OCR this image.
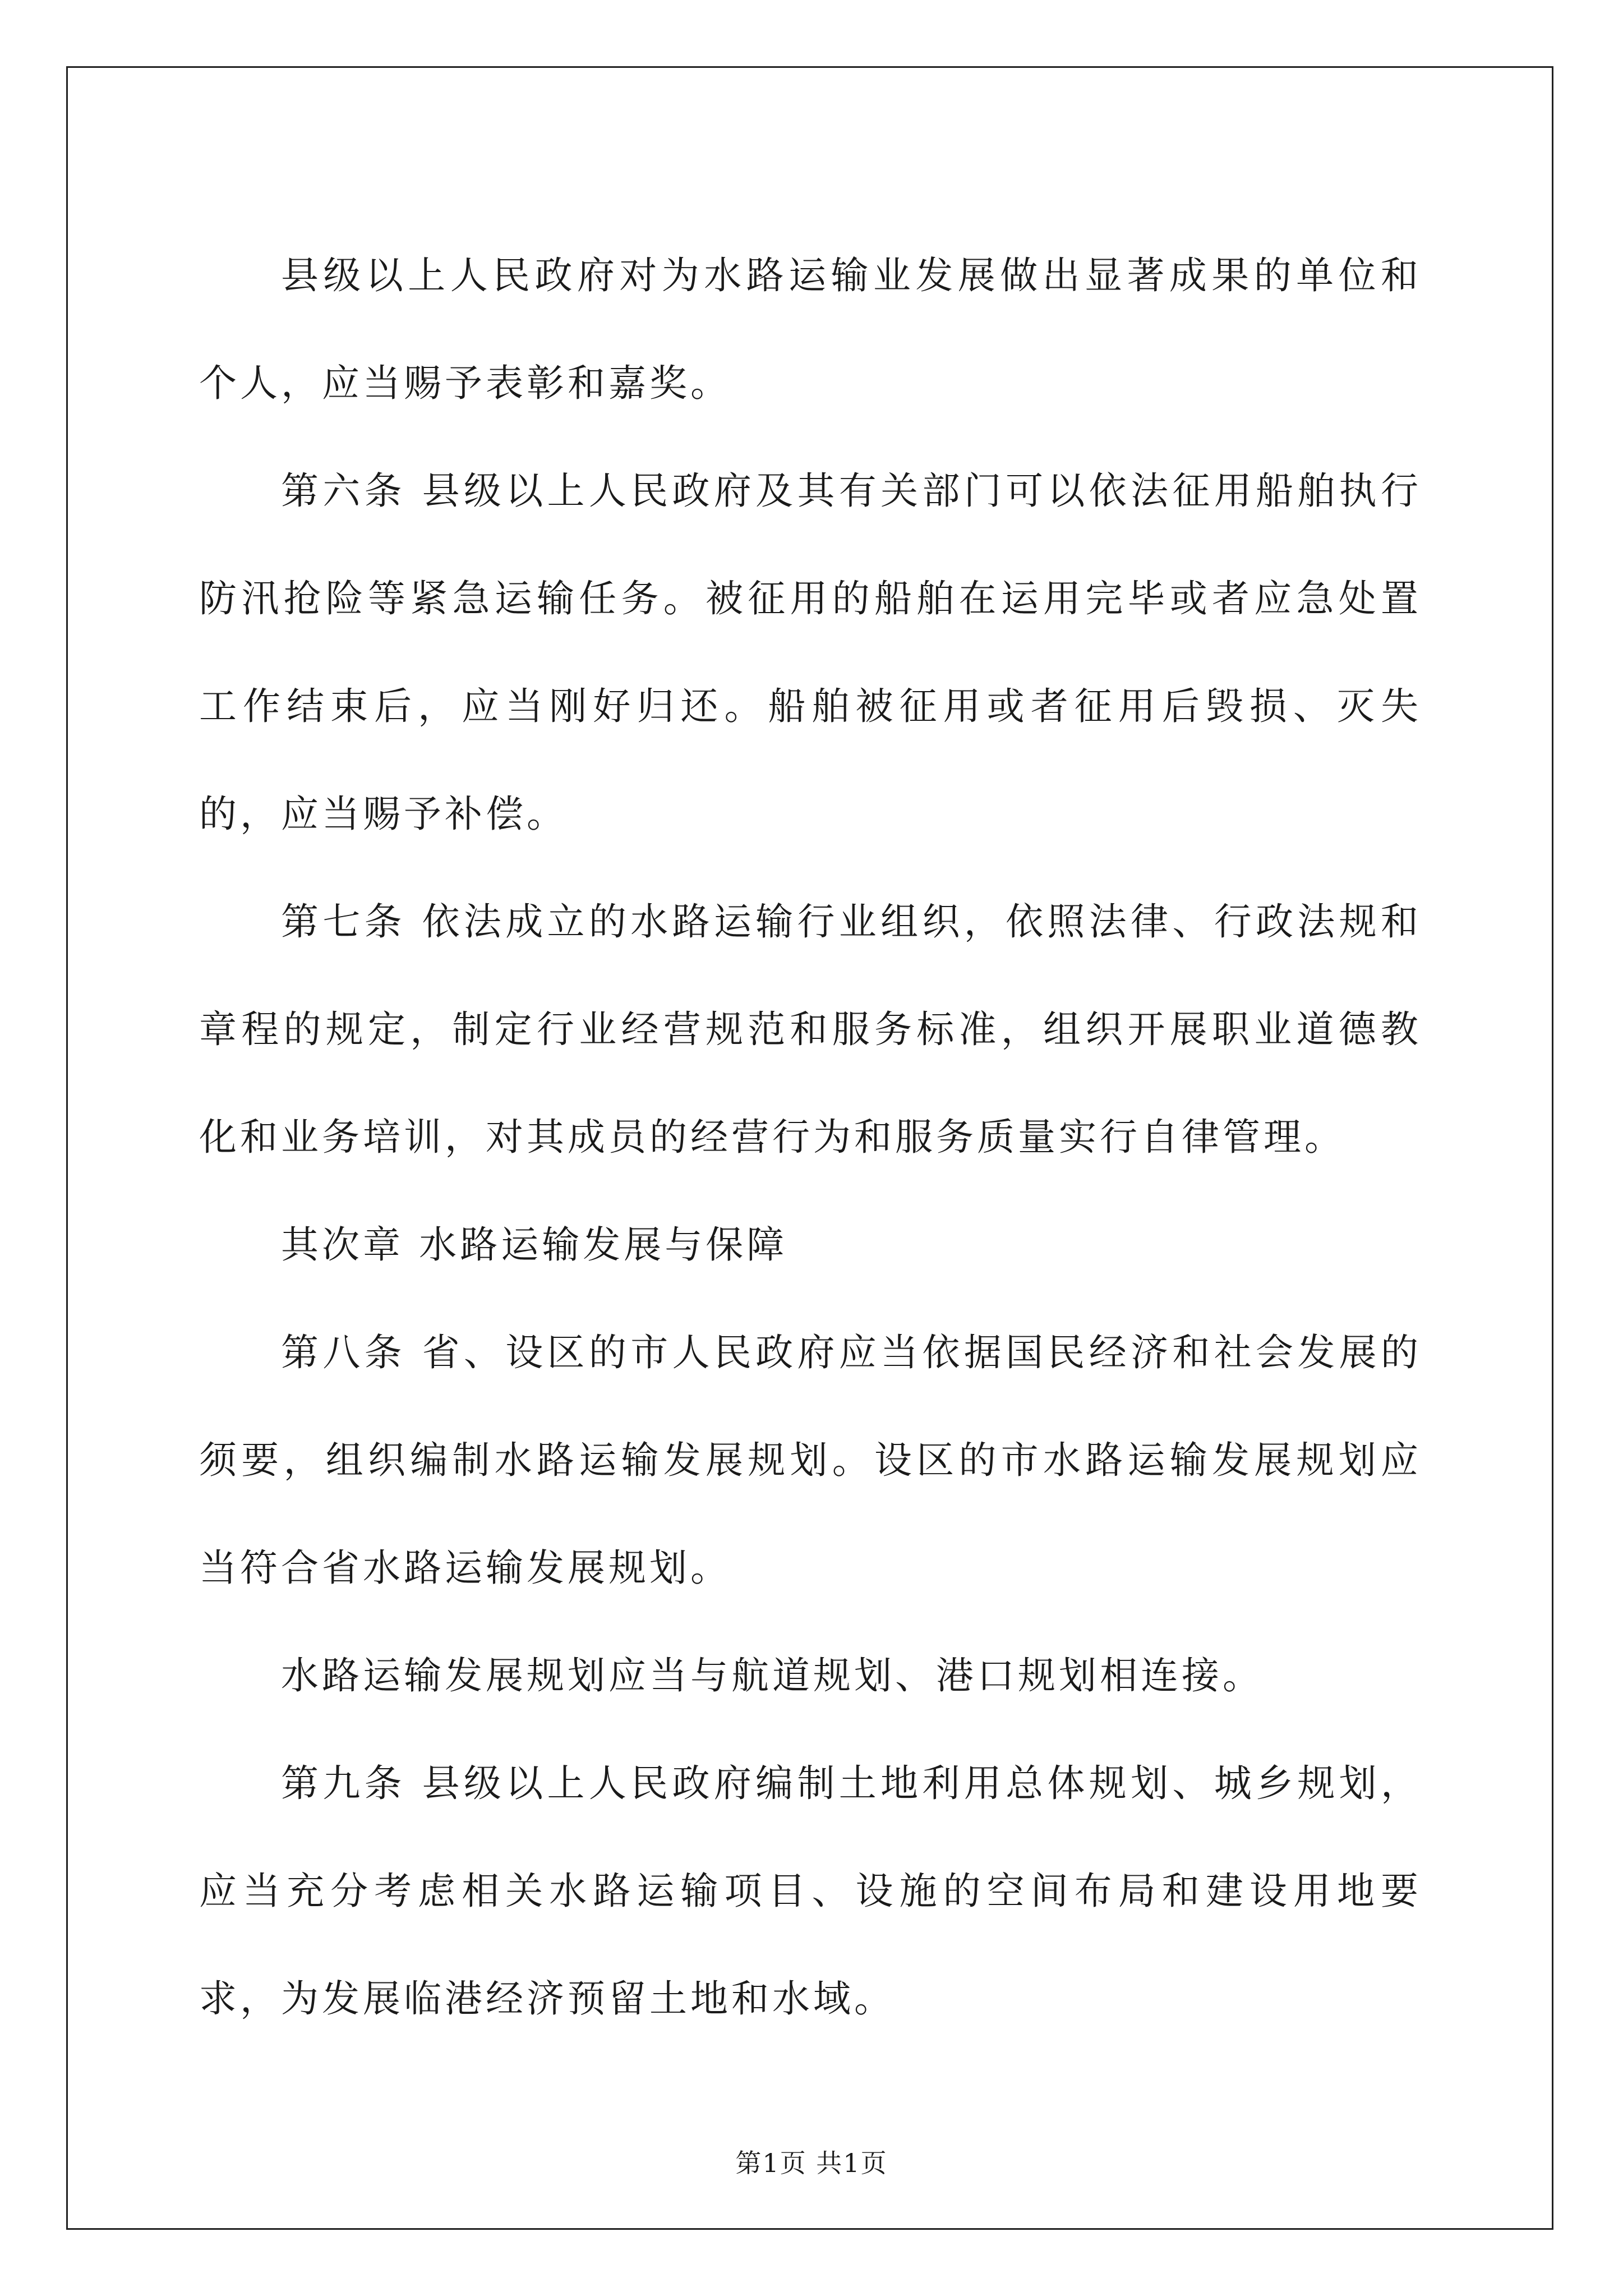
县级以上人民政府对为水路运输业发展做出显著成果的单位和个人，应当赐予表彰和嘉奖。

第六条 县级以上人民政府及其有关部门可以依法征用船舶执行防汛抢险等紧急运输任务。被征用的船舶在运用完毕或者应急处置工作结束后，应当刚好归还。船舶被征用或者征用后毁损、灭失的，应当赐予补偿。

第七条 依法成立的水路运输行业组织，依照法律、行政法规和章程的规定，制定行业经营规范和服务标准，组织开展职业道德教化和业务培训，对其成员的经营行为和服务质量实行自律管理。

其次章 水路运输发展与保障

第八条 省、设区的市人民政府应当依据国民经济和社会发展的须要，组织编制水路运输发展规划。设区的市水路运输发展规划应当符合省水路运输发展规划。

水路运输发展规划应当与航道规划、港口规划相连接。

第九条 县级以上人民政府编制土地利用总体规划、城乡规划，应当充分考虑相关水路运输项目、设施的空间布局和建设用地要求，为发展临港经济预留土地和水域。

第1页 共1页
